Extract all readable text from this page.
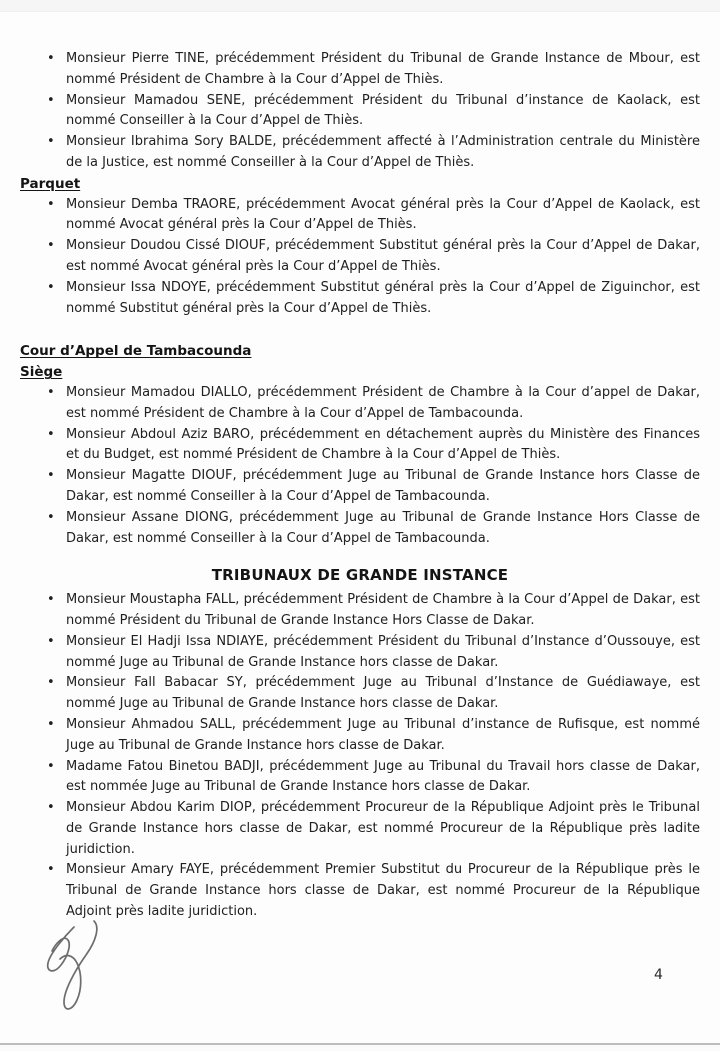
• Monsieur Pierre TINE, précédemment Président du Tribunal de Grande Instance de Mbour, est nommé Président de Chambre à la Cour d’Appel de Thiès.
• Monsieur Mamadou SENE, précédemment Président du Tribunal d’instance de Kaolack, est nommé Conseiller à la Cour d’Appel de Thiès.
• Monsieur Ibrahima Sory BALDE, précédemment affecté à l’Administration centrale du Ministère de la Justice, est nommé Conseiller à la Cour d’Appel de Thiès.
Parquet
• Monsieur Demba TRAORE, précédemment Avocat général près la Cour d’Appel de Kaolack, est nommé Avocat général près la Cour d’Appel de Thiès.
• Monsieur Doudou Cissé DIOUF, précédemment Substitut général près la Cour d’Appel de Dakar, est nommé Avocat général près la Cour d’Appel de Thiès.
• Monsieur Issa NDOYE, précédemment Substitut général près la Cour d’Appel de Ziguinchor, est nommé Substitut général près la Cour d’Appel de Thiès.
Cour d’Appel de Tambacounda
Siège
• Monsieur Mamadou DIALLO, précédemment Président de Chambre à la Cour d’appel de Dakar, est nommé Président de Chambre à la Cour d’Appel de Tambacounda.
• Monsieur Abdoul Aziz BARO, précédemment en détachement auprès du Ministère des Finances et du Budget, est nommé Président de Chambre à la Cour d’Appel de Thiès.
• Monsieur Magatte DIOUF, précédemment Juge au Tribunal de Grande Instance hors Classe de Dakar, est nommé Conseiller à la Cour d’Appel de Tambacounda.
• Monsieur Assane DIONG, précédemment Juge au Tribunal de Grande Instance Hors Classe de Dakar, est nommé Conseiller à la Cour d’Appel de Tambacounda.
TRIBUNAUX DE GRANDE INSTANCE
• Monsieur Moustapha FALL, précédemment Président de Chambre à la Cour d’Appel de Dakar, est nommé Président du Tribunal de Grande Instance Hors Classe de Dakar.
• Monsieur El Hadji Issa NDIAYE, précédemment Président du Tribunal d’Instance d’Oussouye, est nommé Juge au Tribunal de Grande Instance hors classe de Dakar.
• Monsieur Fall Babacar SY, précédemment Juge au Tribunal d’Instance de Guédiawaye, est nommé Juge au Tribunal de Grande Instance hors classe de Dakar.
• Monsieur Ahmadou SALL, précédemment Juge au Tribunal d’instance de Rufisque, est nommé Juge au Tribunal de Grande Instance hors classe de Dakar.
• Madame Fatou Binetou BADJI, précédemment Juge au Tribunal du Travail hors classe de Dakar, est nommée Juge au Tribunal de Grande Instance hors classe de Dakar.
• Monsieur Abdou Karim DIOP, précédemment Procureur de la République Adjoint près le Tribunal de Grande Instance hors classe de Dakar, est nommé Procureur de la République près ladite juridiction.
• Monsieur Amary FAYE, précédemment Premier Substitut du Procureur de la République près le Tribunal de Grande Instance hors classe de Dakar, est nommé Procureur de la République Adjoint près ladite juridiction.
4
